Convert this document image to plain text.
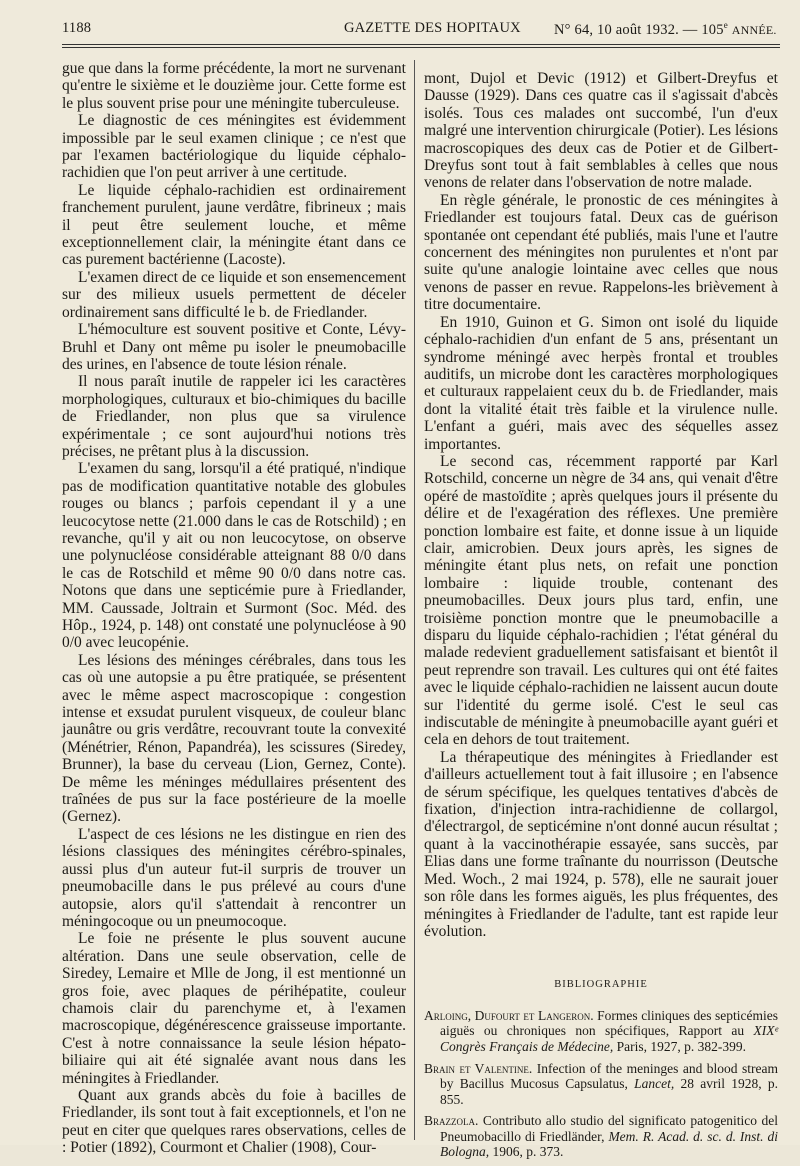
1188	GAZETTE DES HOPITAUX N° 64, 10 août 1932. — 105e ANNÉE.

gue que dans la forme précédente, la mort ne survenant qu'entre le sixième et le douzième jour. Cette forme est le plus souvent prise pour une méningite tuberculeuse.

Le diagnostic de ces méningites est évidemment impossible par le seul examen clinique ; ce n'est que par l'examen bactériologique du liquide céphalo-rachidien que l'on peut arriver à une certitude.

Le liquide céphalo-rachidien est ordinairement franchement purulent, jaune verdâtre, fibrineux ; mais il peut être seulement louche, et même exceptionnellement clair, la méningite étant dans ce cas purement bactérienne (Lacoste).

L'examen direct de ce liquide et son ensemencement sur des milieux usuels permettent de déceler ordinairement sans difficulté le b. de Friedlander.

L'hémoculture est souvent positive et Conte, Lévy-Bruhl et Dany ont même pu isoler le pneumobacille des urines, en l'absence de toute lésion rénale.

Il nous paraît inutile de rappeler ici les caractères morphologiques, culturaux et bio-chimiques du bacille de Friedlander, non plus que sa virulence expérimentale ; ce sont aujourd'hui notions très précises, ne prêtant plus à la discussion.

L'examen du sang, lorsqu'il a été pratiqué, n'indique pas de modification quantitative notable des globules rouges ou blancs ; parfois cependant il y a une leucocytose nette (21.000 dans le cas de Rotschild) ; en revanche, qu'il y ait ou non leucocytose, on observe une polynucléose considérable atteignant 88 0/0 dans le cas de Rotschild et même 90 0/0 dans notre cas. Notons que dans une septicémie pure à Friedlander, MM. Caussade, Joltrain et Surmont (Soc. Méd. des Hôp., 1924, p. 148) ont constaté une polynucléose à 90 0/0 avec leucopénie.

Les lésions des méninges cérébrales, dans tous les cas où une autopsie a pu être pratiquée, se présentent avec le même aspect macroscopique : congestion intense et exsudat purulent visqueux, de couleur blanc jaunâtre ou gris verdâtre, recouvrant toute la convexité (Ménétrier, Rénon, Papandréa), les scissures (Siredey, Brunner), la base du cerveau (Lion, Gernez, Conte). De même les méninges médullaires présentent des traînées de pus sur la face postérieure de la moelle (Gernez).

L'aspect de ces lésions ne les distingue en rien des lésions classiques des méningites cérébro-spinales, aussi plus d'un auteur fut-il surpris de trouver un pneumobacille dans le pus prélevé au cours d'une autopsie, alors qu'il s'attendait à rencontrer un méningocoque ou un pneumocoque.

Le foie ne présente le plus souvent aucune altération. Dans une seule observation, celle de Siredey, Lemaire et Mlle de Jong, il est mentionné un gros foie, avec plaques de périhépatite, couleur chamois clair du parenchyme et, à l'examen macroscopique, dégénérescence graisseuse importante. C'est à notre connaissance la seule lésion hépato-biliaire qui ait été signalée avant nous dans les méningites à Friedlander.

Quant aux grands abcès du foie à bacilles de Friedlander, ils sont tout à fait exceptionnels, et l'on ne peut en citer que quelques rares observations, celles de : Potier (1892), Courmont et Chalier (1908), Cour-

mont, Dujol et Devic (1912) et Gilbert-Dreyfus et Dausse (1929). Dans ces quatre cas il s'agissait d'abcès isolés. Tous ces malades ont succombé, l'un d'eux malgré une intervention chirurgicale (Potier). Les lésions macroscopiques des deux cas de Potier et de Gilbert-Dreyfus sont tout à fait semblables à celles que nous venons de relater dans l'observation de notre malade.

En règle générale, le pronostic de ces méningites à Friedlander est toujours fatal. Deux cas de guérison spontanée ont cependant été publiés, mais l'une et l'autre concernent des méningites non purulentes et n'ont par suite qu'une analogie lointaine avec celles que nous venons de passer en revue. Rappelons-les brièvement à titre documentaire.

En 1910, Guinon et G. Simon ont isolé du liquide céphalo-rachidien d'un enfant de 5 ans, présentant un syndrome méningé avec herpès frontal et troubles auditifs, un microbe dont les caractères morphologiques et culturaux rappelaient ceux du b. de Friedlander, mais dont la vitalité était très faible et la virulence nulle. L'enfant a guéri, mais avec des séquelles assez importantes.

Le second cas, récemment rapporté par Karl Rotschild, concerne un nègre de 34 ans, qui venait d'être opéré de mastoïdite ; après quelques jours il présente du délire et de l'exagération des réflexes. Une première ponction lombaire est faite, et donne issue à un liquide clair, amicrobien. Deux jours après, les signes de méningite étant plus nets, on refait une ponction lombaire : liquide trouble, contenant des pneumobacilles. Deux jours plus tard, enfin, une troisième ponction montre que le pneumobacille a disparu du liquide céphalo-rachidien ; l'état général du malade redevient graduellement satisfaisant et bientôt il peut reprendre son travail. Les cultures qui ont été faites avec le liquide céphalo-rachidien ne laissent aucun doute sur l'identité du germe isolé. C'est le seul cas indiscutable de méningite à pneumobacille ayant guéri et cela en dehors de tout traitement.

La thérapeutique des méningites à Friedlander est d'ailleurs actuellement tout à fait illusoire ; en l'absence de sérum spécifique, les quelques tentatives d'abcès de fixation, d'injection intra-rachidienne de collargol, d'électrargol, de septicémine n'ont donné aucun résultat ; quant à la vaccinothérapie essayée, sans succès, par Elias dans une forme traînante du nourrisson (Deutsche Med. Woch., 2 mai 1924, p. 578), elle ne saurait jouer son rôle dans les formes aiguës, les plus fréquentes, des méningites à Friedlander de l'adulte, tant est rapide leur évolution.

BIBLIOGRAPHIE
Arloing, Dufourt et Langeron. Formes cliniques des septicémies aiguës ou chroniques non spécifiques, Rapport au XIXᵉ Congrès Français de Médecine, Paris, 1927, p. 382-399.
Brain et Valentine. Infection of the meninges and blood stream by Bacillus Mucosus Capsulatus, Lancet, 28 avril 1928, p. 855.
Brazzola. Contributo allo studio del significato patogenitico del Pneumobacillo di Friedländer, Mem. R. Acad. d. sc. d. Inst. di Bologna, 1906, p. 373.
